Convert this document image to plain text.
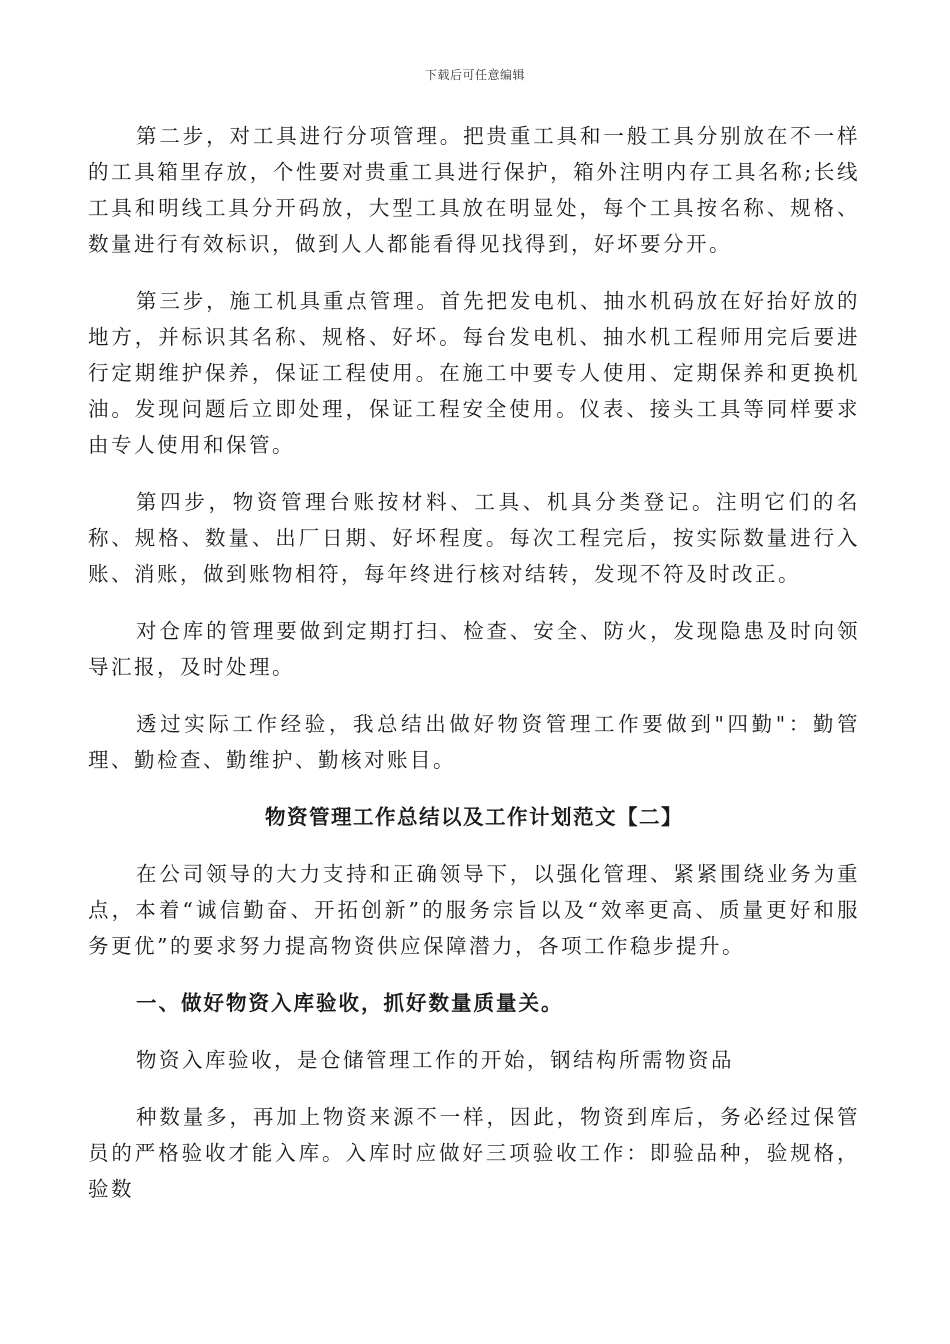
下载后可任意编辑

第二步，对工具进行分项管理。把贵重工具和一般工具分别放在不一样的工具箱里存放，个性要对贵重工具进行保护，箱外注明内存工具名称;长线工具和明线工具分开码放，大型工具放在明显处，每个工具按名称、规格、数量进行有效标识，做到人人都能看得见找得到，好坏要分开。

第三步，施工机具重点管理。首先把发电机、抽水机码放在好抬好放的地方，并标识其名称、规格、好坏。每台发电机、抽水机工程师用完后要进行定期维护保养，保证工程使用。在施工中要专人使用、定期保养和更换机油。发现问题后立即处理，保证工程安全使用。仪表、接头工具等同样要求由专人使用和保管。

第四步，物资管理台账按材料、工具、机具分类登记。注明它们的名称、规格、数量、出厂日期、好坏程度。每次工程完后，按实际数量进行入账、消账，做到账物相符，每年终进行核对结转，发现不符及时改正。

对仓库的管理要做到定期打扫、检查、安全、防火，发现隐患及时向领导汇报，及时处理。

透过实际工作经验，我总结出做好物资管理工作要做到"四勤"：勤管理、勤检查、勤维护、勤核对账目。

物资管理工作总结以及工作计划范文【二】

在公司领导的大力支持和正确领导下，以强化管理、紧紧围绕业务为重点，本着“诚信勤奋、开拓创新”的服务宗旨以及“效率更高、质量更好和服务更优”的要求努力提高物资供应保障潜力，各项工作稳步提升。

一、做好物资入库验收，抓好数量质量关。

物资入库验收，是仓储管理工作的开始，钢结构所需物资品

种数量多，再加上物资来源不一样，因此，物资到库后，务必经过保管员的严格验收才能入库。入库时应做好三项验收工作：即验品种，验规格，验数
